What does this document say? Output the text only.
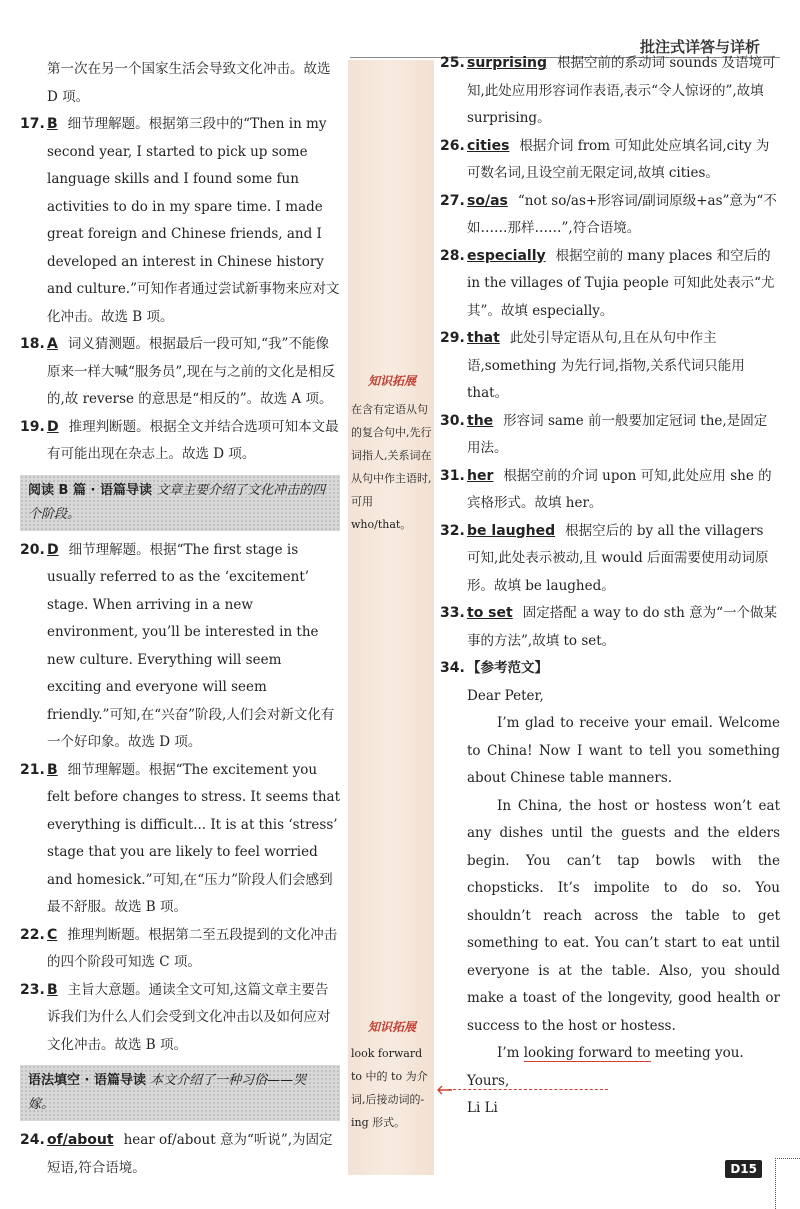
批注式详答与详析
第一次在另一个国家生活会导致文化冲击。故选 D 项。
17. B 细节理解题。根据第三段中的“Then in my second year, I started to pick up some language skills and I found some fun activities to do in my spare time. I made great foreign and Chinese friends, and I developed an interest in Chinese history and culture.”可知作者通过尝试新事物来应对文化冲击。故选 B 项。
18. A 词义猜测题。根据最后一段可知,“我”不能像原来一样大喊“服务员”,现在与之前的文化是相反的,故 reverse 的意思是“相反的”。故选 A 项。
19. D 推理判断题。根据全文并结合选项可知本文最有可能出现在杂志上。故选 D 项。
阅读 B 篇 · 语篇导读 文章主要介绍了文化冲击的四个阶段。
20. D 细节理解题。根据“The first stage is usually referred to as the ‘excitement’ stage. When arriving in a new environment, you’ll be interested in the new culture. Everything will seem exciting and everyone will seem friendly.”可知,在“兴奋”阶段,人们会对新文化有一个好印象。故选 D 项。
21. B 细节理解题。根据“The excitement you felt before changes to stress. It seems that everything is difficult... It is at this ‘stress’ stage that you are likely to feel worried and homesick.”可知,在“压力”阶段人们会感到最不舒服。故选 B 项。
22. C 推理判断题。根据第二至五段提到的文化冲击的四个阶段可知选 C 项。
23. B 主旨大意题。通读全文可知,这篇文章主要告诉我们为什么人们会受到文化冲击以及如何应对文化冲击。故选 B 项。
语法填空 · 语篇导读 本文介绍了一种习俗——哭嫁。
24. of/about hear of/about 意为“听说”,为固定短语,符合语境。
知识拓展
在含有定语从句的复合句中,先行词指人,关系词在从句中作主语时,可用 who/that。
知识拓展
look forward to 中的 to 为介词,后接动词的-ing 形式。
25. surprising 根据空前的系动词 sounds 及语境可知,此处应用形容词作表语,表示“令人惊讶的”,故填 surprising。
26. cities 根据介词 from 可知此处应填名词,city 为可数名词,且设空前无限定词,故填 cities。
27. so/as “not so/as+形容词/副词原级+as”意为“不如……那样……”,符合语境。
28. especially 根据空前的 many places 和空后的 in the villages of Tujia people 可知此处表示“尤其”。故填 especially。
29. that 此处引导定语从句,且在从句中作主语,something 为先行词,指物,关系代词只能用 that。
30. the 形容词 same 前一般要加定冠词 the,是固定用法。
31. her 根据空前的介词 upon 可知,此处应用 she 的宾格形式。故填 her。
32. be laughed 根据空后的 by all the villagers 可知,此处表示被动,且 would 后面需要使用动词原形。故填 be laughed。
33. to set 固定搭配 a way to do sth 意为“一个做某事的方法”,故填 to set。
34. 【参考范文】

Dear Peter,

I’m glad to receive your email. Welcome to China! Now I want to tell you something about Chinese table manners.

In China, the host or hostess won’t eat any dishes until the guests and the elders begin. You can’t tap bowls with the chopsticks. It’s impolite to do so. You shouldn’t reach across the table to get something to eat. You can’t start to eat until everyone is at the table. Also, you should make a toast of the longevity, good health or success to the host or hostess.

I’m looking forward to meeting you.

Yours,

Li Li

D15
